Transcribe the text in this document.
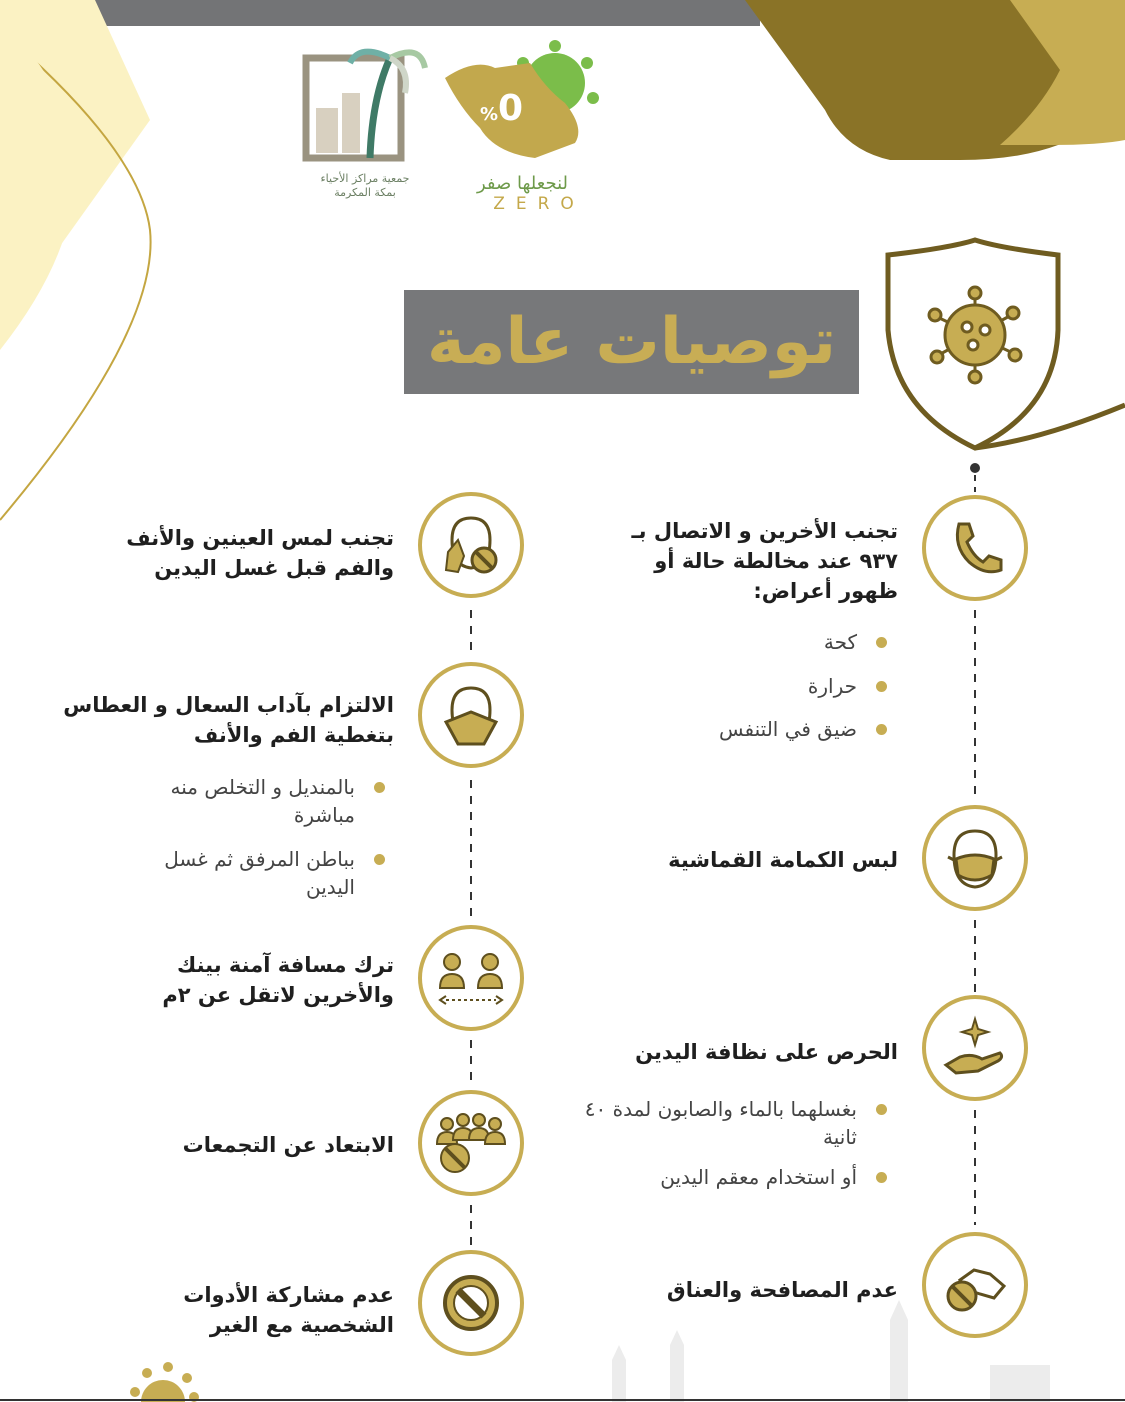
جمعية مراكز الأحياء
بمكة المكرمة
%0
لنجعلها صفر
ZERO
توصيات عامة
تجنب الأخرين و الاتصال بـ ٩٣٧ عند مخالطة حالة أو ظهور أعراض:
كحة
حرارة
ضيق في التنفس
لبس الكمامة القماشية
الحرص على نظافة اليدين
بغسلهما بالماء والصابون لمدة ٤٠ ثانية
أو استخدام معقم اليدين
عدم المصافحة والعناق
تجنب لمس العينين والأنف والفم قبل غسل اليدين
الالتزام بآداب السعال و العطاس بتغطية الفم والأنف
بالمنديل و التخلص منه مباشرة
بباطن المرفق ثم غسل اليدين
ترك مسافة آمنة بينك والأخرين لاتقل عن ٢م
الابتعاد عن التجمعات
عدم مشاركة الأدوات الشخصية مع الغير
